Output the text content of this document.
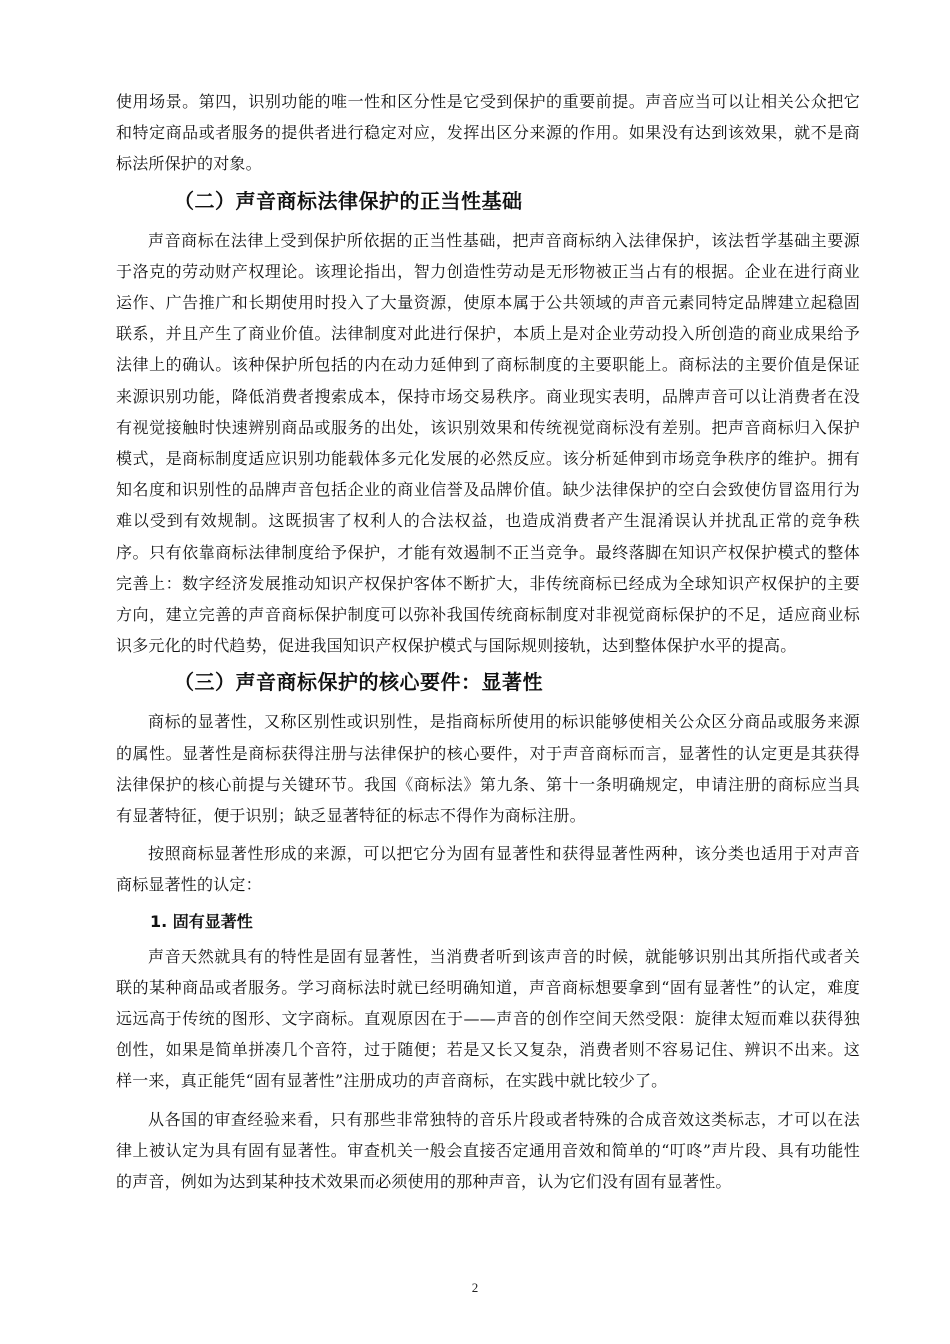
使用场景。第四，识别功能的唯一性和区分性是它受到保护的重要前提。声音应当可以让相关公众把它和特定商品或者服务的提供者进行稳定对应，发挥出区分来源的作用。如果没有达到该效果，就不是商标法所保护的对象。

（二）声音商标法律保护的正当性基础

声音商标在法律上受到保护所依据的正当性基础，把声音商标纳入法律保护，该法哲学基础主要源于洛克的劳动财产权理论。该理论指出，智力创造性劳动是无形物被正当占有的根据。企业在进行商业运作、广告推广和长期使用时投入了大量资源，使原本属于公共领域的声音元素同特定品牌建立起稳固联系，并且产生了商业价值。法律制度对此进行保护，本质上是对企业劳动投入所创造的商业成果给予法律上的确认。该种保护所包括的内在动力延伸到了商标制度的主要职能上。商标法的主要价值是保证来源识别功能，降低消费者搜索成本，保持市场交易秩序。商业现实表明，品牌声音可以让消费者在没有视觉接触时快速辨别商品或服务的出处，该识别效果和传统视觉商标没有差别。把声音商标归入保护模式，是商标制度适应识别功能载体多元化发展的必然反应。该分析延伸到市场竞争秩序的维护。拥有知名度和识别性的品牌声音包括企业的商业信誉及品牌价值。缺少法律保护的空白会致使仿冒盗用行为难以受到有效规制。这既损害了权利人的合法权益，也造成消费者产生混淆误认并扰乱正常的竞争秩序。只有依靠商标法律制度给予保护，才能有效遏制不正当竞争。最终落脚在知识产权保护模式的整体完善上：数字经济发展推动知识产权保护客体不断扩大，非传统商标已经成为全球知识产权保护的主要方向，建立完善的声音商标保护制度可以弥补我国传统商标制度对非视觉商标保护的不足，适应商业标识多元化的时代趋势，促进我国知识产权保护模式与国际规则接轨，达到整体保护水平的提高。

（三）声音商标保护的核心要件：显著性

商标的显著性，又称区别性或识别性，是指商标所使用的标识能够使相关公众区分商品或服务来源的属性。显著性是商标获得注册与法律保护的核心要件，对于声音商标而言，显著性的认定更是其获得法律保护的核心前提与关键环节。我国《商标法》第九条、第十一条明确规定，申请注册的商标应当具有显著特征，便于识别；缺乏显著特征的标志不得作为商标注册。

按照商标显著性形成的来源，可以把它分为固有显著性和获得显著性两种，该分类也适用于对声音商标显著性的认定：

1. 固有显著性

声音天然就具有的特性是固有显著性，当消费者听到该声音的时候，就能够识别出其所指代或者关联的某种商品或者服务。学习商标法时就已经明确知道，声音商标想要拿到“固有显著性”的认定，难度远远高于传统的图形、文字商标。直观原因在于——声音的创作空间天然受限：旋律太短而难以获得独创性，如果是简单拼凑几个音符，过于随便；若是又长又复杂，消费者则不容易记住、辨识不出来。这样一来，真正能凭“固有显著性”注册成功的声音商标，在实践中就比较少了。

从各国的审查经验来看，只有那些非常独特的音乐片段或者特殊的合成音效这类标志，才可以在法律上被认定为具有固有显著性。审查机关一般会直接否定通用音效和简单的“叮咚”声片段、具有功能性的声音，例如为达到某种技术效果而必须使用的那种声音，认为它们没有固有显著性。

2
